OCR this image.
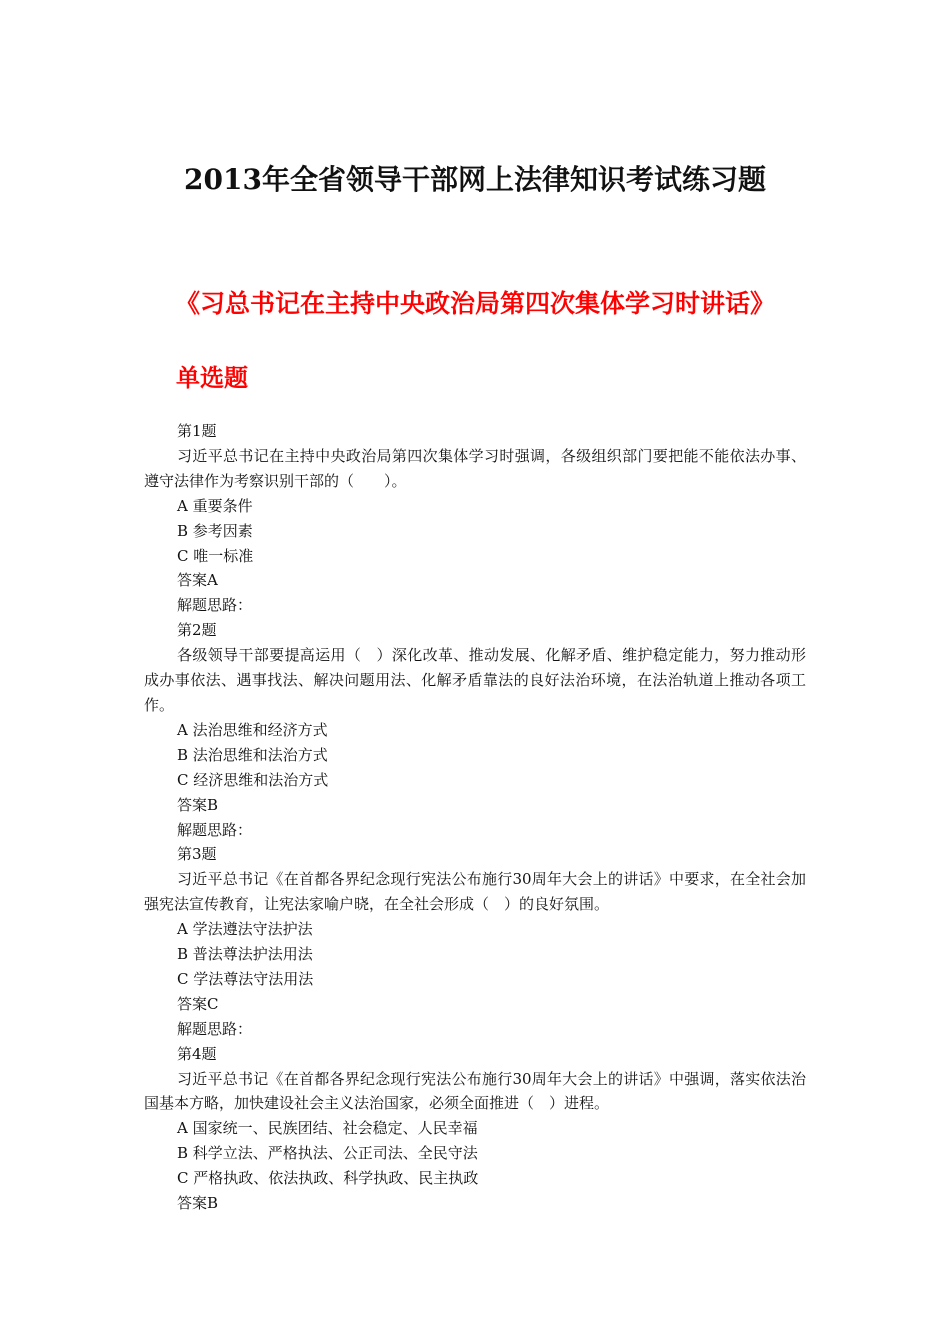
2013年全省领导干部网上法律知识考试练习题
《习总书记在主持中央政治局第四次集体学习时讲话》
单选题

第1题

习近平总书记在主持中央政治局第四次集体学习时强调，各级组织部门要把能不能依法办事、遵守法律作为考察识别干部的（　　）。

A 重要条件

B 参考因素

C 唯一标准

答案A

解题思路：

第2题

各级领导干部要提高运用（　）深化改革、推动发展、化解矛盾、维护稳定能力，努力推动形成办事依法、遇事找法、解决问题用法、化解矛盾靠法的良好法治环境，在法治轨道上推动各项工作。

A 法治思维和经济方式

B 法治思维和法治方式

C 经济思维和法治方式

答案B

解题思路：

第3题

习近平总书记《在首都各界纪念现行宪法公布施行30周年大会上的讲话》中要求，在全社会加强宪法宣传教育，让宪法家喻户晓，在全社会形成（　）的良好氛围。

A 学法遵法守法护法

B 普法尊法护法用法

C 学法尊法守法用法

答案C

解题思路：

第4题

习近平总书记《在首都各界纪念现行宪法公布施行30周年大会上的讲话》中强调，落实依法治国基本方略，加快建设社会主义法治国家，必须全面推进（　）进程。

A 国家统一、民族团结、社会稳定、人民幸福

B 科学立法、严格执法、公正司法、全民守法

C 严格执政、依法执政、科学执政、民主执政

答案B
